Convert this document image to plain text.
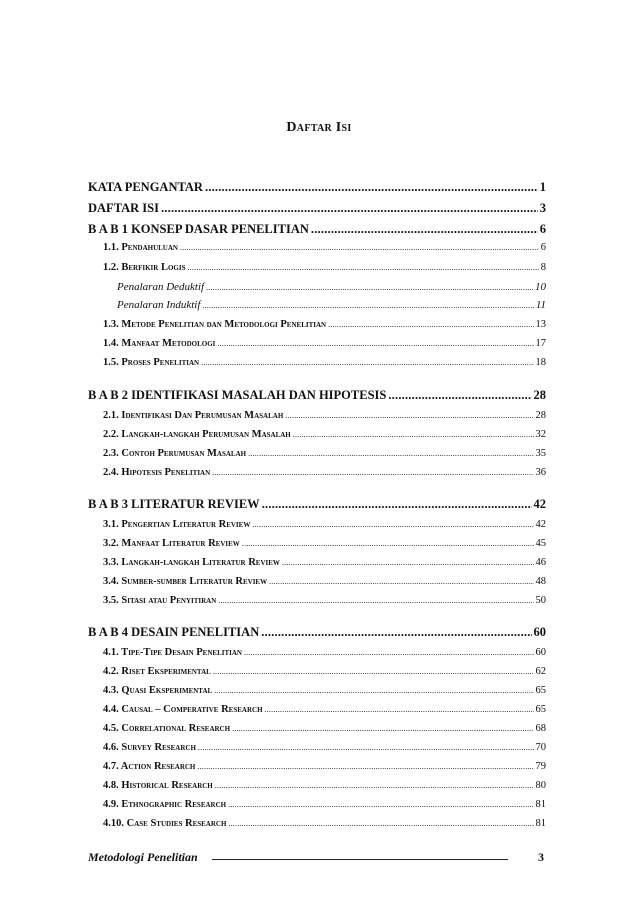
Daftar Isi
KATA PENGANTAR .....	1
DAFTAR ISI .....	3
B A B 1 KONSEP DASAR PENELITIAN .....	6
1.1. Pendahuluan .....	6
1.2. Berfikir Logis .....	8
Penalaran Deduktif .....	10
Penalaran Induktif .....	11
1.3. Metode Penelitian dan Metodologi Penelitian .....	13
1.4. Manfaat Metodologi .....	17
1.5. Proses Penelitian .....	18
B A B 2 IDENTIFIKASI MASALAH DAN HIPOTESIS .....	28
2.1. Identifikasi Dan Perumusan Masalah .....	28
2.2. Langkah-langkah Perumusan Masalah .....	32
2.3. Contoh Perumusan Masalah .....	35
2.4. Hipotesis Penelitian .....	36
B A B 3 LITERATUR REVIEW .....	42
3.1. Pengertian Literatur Review .....	42
3.2. Manfaat Literatur Review .....	45
3.3. Langkah-langkah Literatur Review .....	46
3.4. Sumber-sumber Literatur Review .....	48
3.5. Sitasi atau Penyitiran .....	50
B A B 4 DESAIN PENELITIAN .....	60
4.1. Tipe-Tipe Desain Penelitian .....	60
4.2. Riset Eksperimental .....	62
4.3. Quasi Eksperimental .....	65
4.4. Causal – Comperative Research .....	65
4.5. Correlational Research .....	68
4.6. Survey Research .....	70
4.7. Action Research .....	79
4.8. Historical Research .....	80
4.9. Ethnographic Research .....	81
4.10. Case Studies Research .....	81
Metodologi Penelitian	3
